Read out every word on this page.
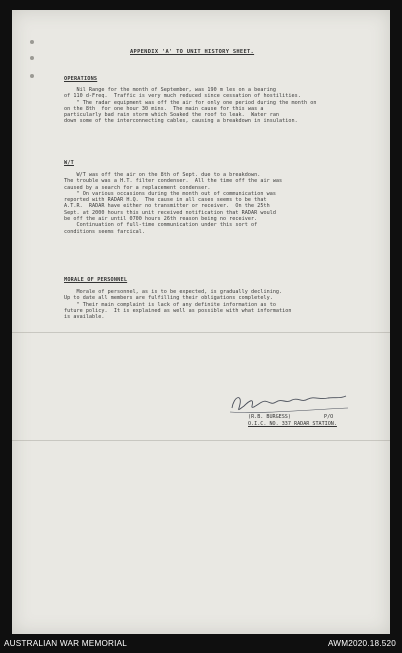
APPENDIX 'A' TO UNIT HISTORY SHEET.
OPERATIONS
Nil Range for the month of September, was 190 m les on a bearing
of 110 d-Freq.  Traffic is very much reduced since cessation of hostilities.
" The radar equipment was off the air for only one period during the month on
on the 8th  for one hour 30 mins.  The main cause for this was a
particularly bad rain storm which Soaked the roof to leak.  Water ran
down some of the interconnecting cables, causing a breakdown in insulation.
W/T
W/T was off the air on the 8th of Sept. due to a breakdown.
The trouble was a H.T. filter condenser.  All the time off the air was
caused by a search for a replacement condenser.
" On various occasions during the month out of communication was
reported with RADAR H.Q.  The cause in all cases seems to be that
A.T.R.  RADAR have either no transmitter or receiver.  On the 25th
Sept. at 2000 hours this unit received notification that RADAR would
be off the air until 0700 hours 26th reason being no receiver.
Continuation of full-time communication under this sort of
conditions seems farcical.
MORALE OF PERSONNEL
Morale of personnel, as is to be expected, is gradually declining.
Up to date all members are fulfilling their obligations completely.
" Their main complaint is lack of any definite information as to
future policy.  It is explained as well as possible with what information
is available.
P/O
(R.B. BURGESS)
O.I.C. NO. 337 RADAR STATION.
AUSTRALIAN WAR MEMORIAL	AWM2020.18.520
